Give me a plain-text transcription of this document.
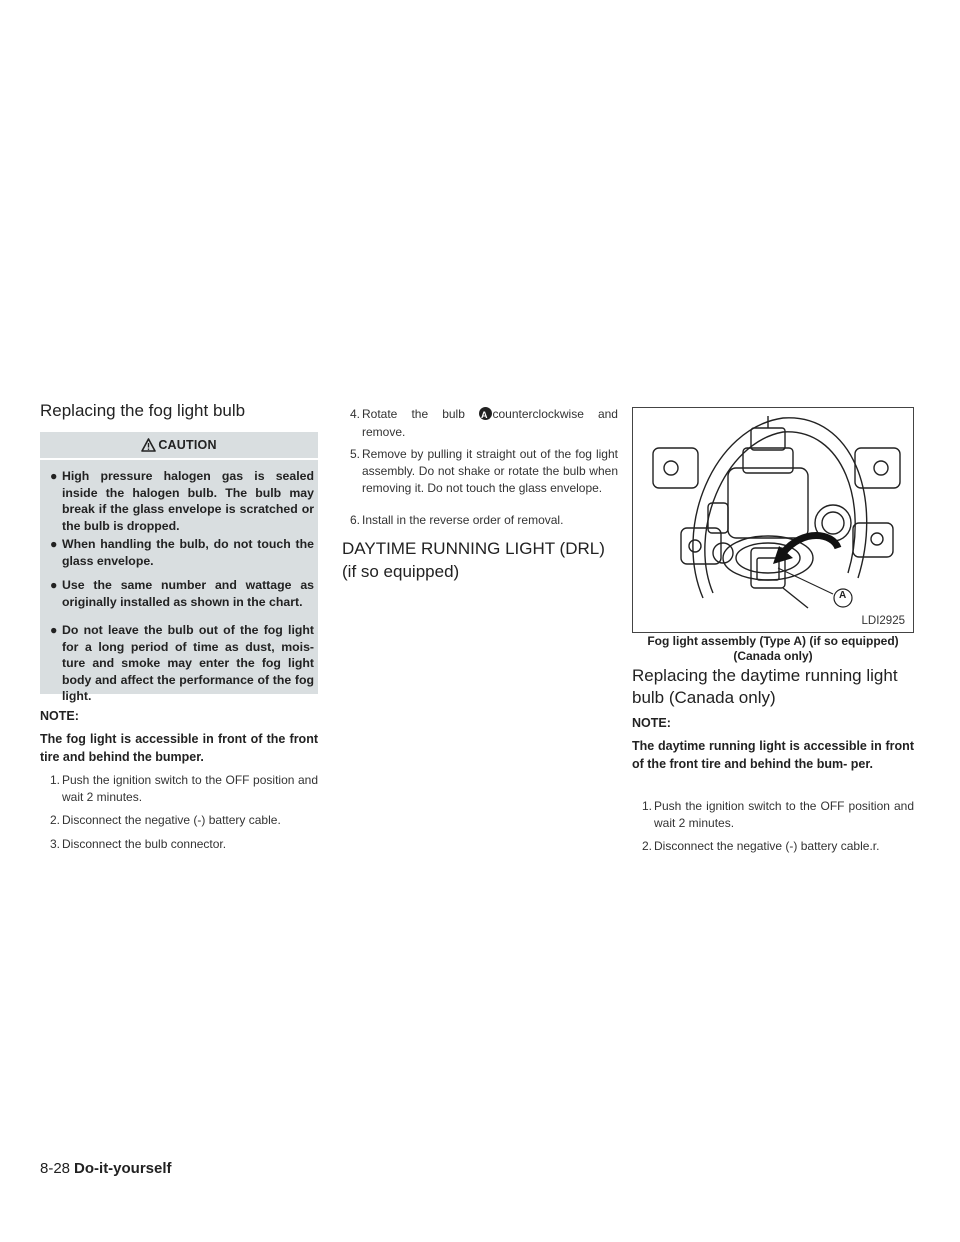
Replacing the fog light bulb
CAUTION
● High pressure halogen gas is sealed inside the halogen bulb. The bulb may break if the glass envelope is scratched or the bulb is dropped.
● When handling the bulb, do not touch the glass envelope.
● Use the same number and wattage as originally installed as shown in the chart.
● Do not leave the bulb out of the fog light for a long period of time as dust, mois- ture and smoke may enter the fog light body and affect the performance of the fog light.
NOTE:
The fog light is accessible in front of the front tire and behind the bumper.
1. Push the ignition switch to the OFF position and wait 2 minutes.
2. Disconnect the negative (-) battery cable.
3. Disconnect the bulb connector.
4. Rotate the bulb A counterclockwise and remove.
5. Remove by pulling it straight out of the fog light assembly. Do not shake or rotate the bulb when removing it. Do not touch the glass envelope.
6. Install in the reverse order of removal.
DAYTIME RUNNING LIGHT (DRL) (if so equipped)
A
LDI2925
Fog light assembly (Type A) (if so equipped)
(Canada only)
Replacing the daytime running light bulb (Canada only)
NOTE:
The daytime running light is accessible in front of the front tire and behind the bum- per.
1. Push the ignition switch to the OFF position and wait 2 minutes.
2. Disconnect the negative (-) battery cable.r.
8-28 Do-it-yourself
